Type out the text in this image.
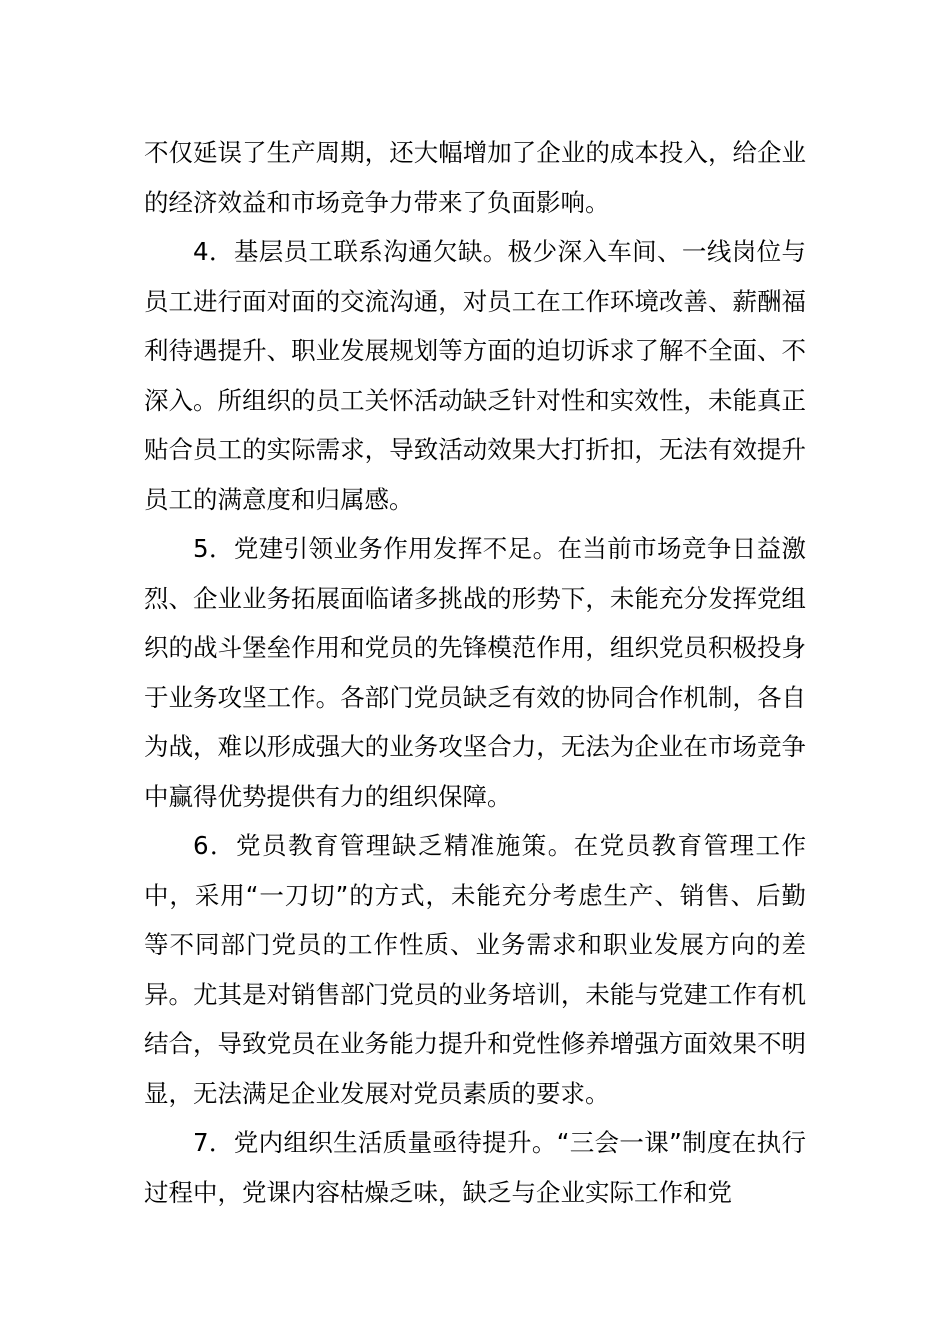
不仅延误了生产周期，还大幅增加了企业的成本投入，给企业的经济效益和市场竞争力带来了负面影响。

4．基层员工联系沟通欠缺。极少深入车间、一线岗位与员工进行面对面的交流沟通，对员工在工作环境改善、薪酬福利待遇提升、职业发展规划等方面的迫切诉求了解不全面、不深入。所组织的员工关怀活动缺乏针对性和实效性，未能真正贴合员工的实际需求，导致活动效果大打折扣，无法有效提升员工的满意度和归属感。

5．党建引领业务作用发挥不足。在当前市场竞争日益激烈、企业业务拓展面临诸多挑战的形势下，未能充分发挥党组织的战斗堡垒作用和党员的先锋模范作用，组织党员积极投身于业务攻坚工作。各部门党员缺乏有效的协同合作机制，各自为战，难以形成强大的业务攻坚合力，无法为企业在市场竞争中赢得优势提供有力的组织保障。

6．党员教育管理缺乏精准施策。在党员教育管理工作中，采用“一刀切”的方式，未能充分考虑生产、销售、后勤等不同部门党员的工作性质、业务需求和职业发展方向的差异。尤其是对销售部门党员的业务培训，未能与党建工作有机结合，导致党员在业务能力提升和党性修养增强方面效果不明显，无法满足企业发展对党员素质的要求。

7．党内组织生活质量亟待提升。“三会一课”制度在执行过程中，党课内容枯燥乏味，缺乏与企业实际工作和党
